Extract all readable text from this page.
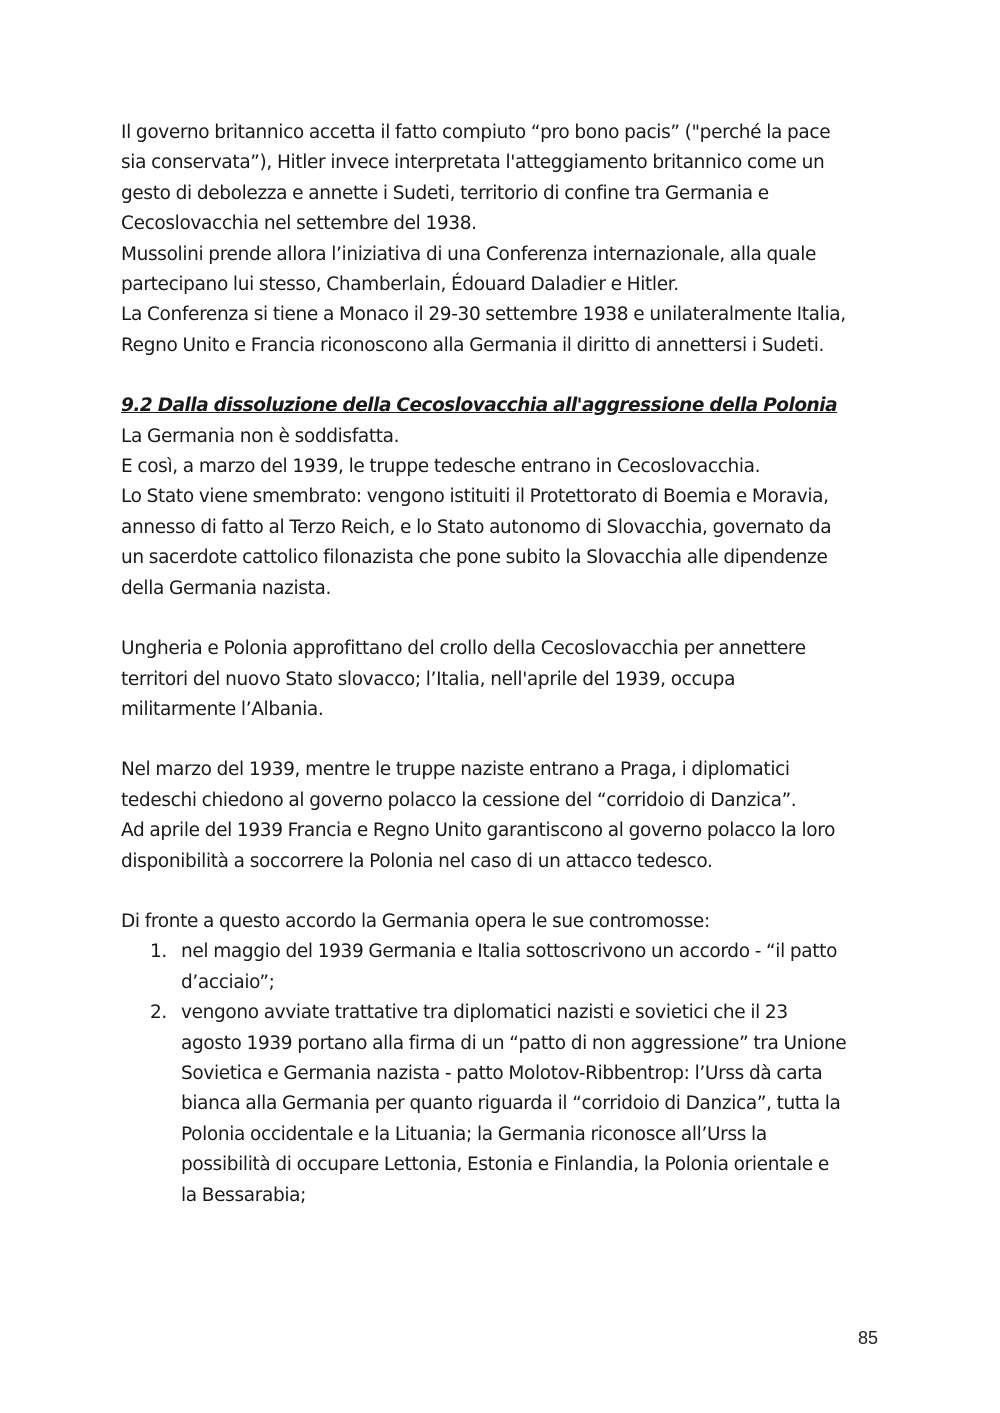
Il governo britannico accetta il fatto compiuto “pro bono pacis” ("perché la pace
sia conservata”), Hitler invece interpretata l'atteggiamento britannico come un
gesto di debolezza e annette i Sudeti, territorio di confine tra Germania e
Cecoslovacchia nel settembre del 1938.
Mussolini prende allora l’iniziativa di una Conferenza internazionale, alla quale
partecipano lui stesso, Chamberlain, Édouard Daladier e Hitler.
La Conferenza si tiene a Monaco il 29-30 settembre 1938 e unilateralmente Italia,
Regno Unito e Francia riconoscono alla Germania il diritto di annettersi i Sudeti.
9.2 Dalla dissoluzione della Cecoslovacchia all'aggressione della Polonia
La Germania non è soddisfatta.
E così, a marzo del 1939, le truppe tedesche entrano in Cecoslovacchia.
Lo Stato viene smembrato: vengono istituiti il Protettorato di Boemia e Moravia,
annesso di fatto al Terzo Reich, e lo Stato autonomo di Slovacchia, governato da
un sacerdote cattolico filonazista che pone subito la Slovacchia alle dipendenze
della Germania nazista.
Ungheria e Polonia approfittano del crollo della Cecoslovacchia per annettere
territori del nuovo Stato slovacco; l’Italia, nell'aprile del 1939, occupa
militarmente l’Albania.
Nel marzo del 1939, mentre le truppe naziste entrano a Praga, i diplomatici
tedeschi chiedono al governo polacco la cessione del “corridoio di Danzica”.
Ad aprile del 1939 Francia e Regno Unito garantiscono al governo polacco la loro
disponibilità a soccorrere la Polonia nel caso di un attacco tedesco.
Di fronte a questo accordo la Germania opera le sue contromosse:
1. nel maggio del 1939 Germania e Italia sottoscrivono un accordo - “il patto
d’acciaio”;
2. vengono avviate trattative tra diplomatici nazisti e sovietici che il 23
agosto 1939 portano alla firma di un “patto di non aggressione” tra Unione
Sovietica e Germania nazista - patto Molotov-Ribbentrop: l’Urss dà carta
bianca alla Germania per quanto riguarda il “corridoio di Danzica”, tutta la
Polonia occidentale e la Lituania; la Germania riconosce all’Urss la
possibilità di occupare Lettonia, Estonia e Finlandia, la Polonia orientale e
la Bessarabia;
85
